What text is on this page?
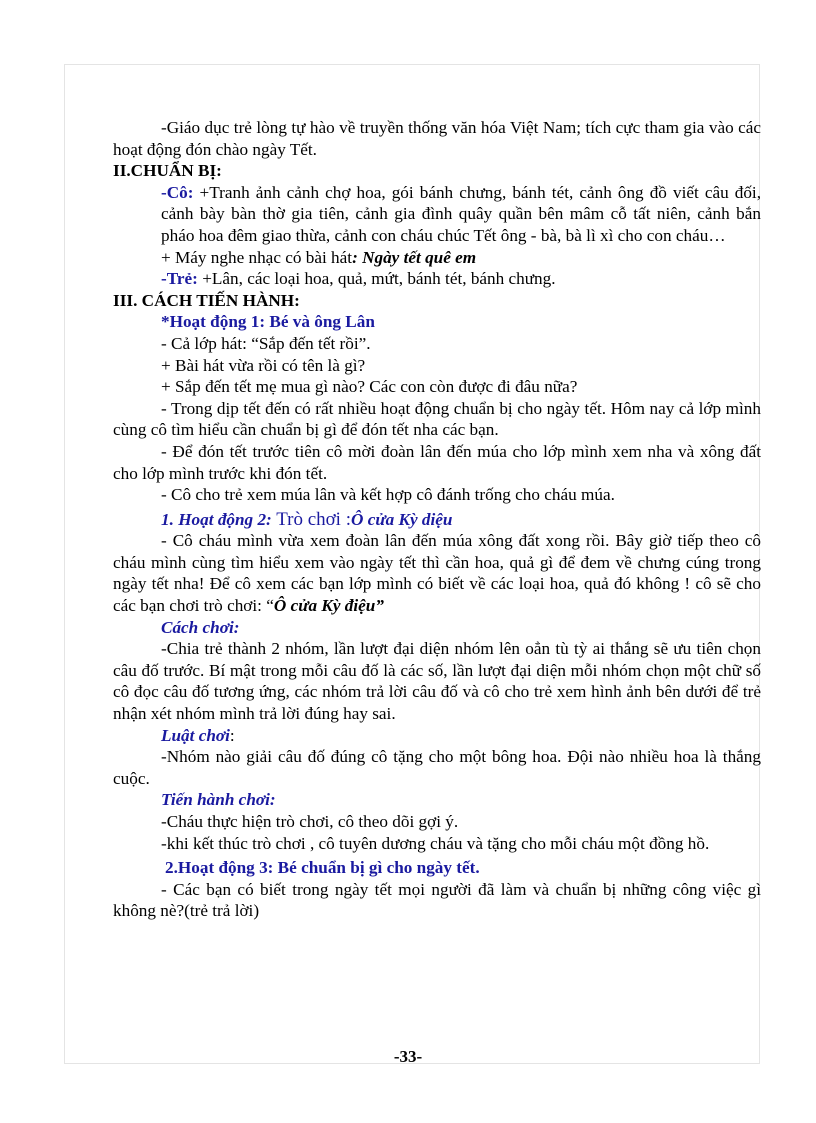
-Giáo dục trẻ lòng tự hào về truyền thống văn hóa Việt Nam; tích cực tham gia vào các hoạt động đón chào ngày Tết.

II.CHUẨN BỊ:

-Cô: +Tranh ảnh cảnh chợ hoa, gói bánh chưng, bánh tét, cảnh ông đồ viết câu đối, cảnh bày bàn thờ gia tiên, cảnh gia đình quây quần bên mâm cỗ tất niên, cảnh bắn pháo hoa đêm giao thừa, cảnh con cháu chúc Tết ông - bà, bà lì xì cho con cháu…

+ Máy nghe nhạc có bài hát: Ngày tết quê em

-Trẻ: +Lân, các loại hoa, quả, mứt, bánh tét, bánh chưng.

III. CÁCH TIẾN HÀNH:

*Hoạt động 1: Bé và ông Lân

- Cả lớp hát: “Sắp đến tết rồi”.

+ Bài hát vừa rồi có tên là gì?

+ Sắp đến tết mẹ mua gì nào? Các con còn được đi đâu nữa?

- Trong dịp tết đến có rất nhiều hoạt động chuẩn bị cho ngày tết. Hôm nay cả lớp mình cùng cô tìm hiểu cần chuẩn bị gì để đón tết nha các bạn.

- Để đón tết trước tiên cô mời đoàn lân đến múa cho lớp mình xem nha và xông đất cho lớp mình trước khi đón tết.

- Cô cho trẻ xem múa lân và kết hợp cô đánh trống cho cháu múa.

1. Hoạt động 2: Trò chơi :Ô cửa Kỳ diệu

- Cô cháu mình vừa xem đoàn lân đến múa xông đất xong rồi. Bây giờ tiếp theo cô cháu mình cùng tìm hiểu xem vào ngày tết thì cần hoa, quả gì để đem về chưng cúng trong ngày tết nha! Để cô xem các bạn lớp mình có biết về các loại hoa, quả đó không ! cô sẽ cho các bạn chơi trò chơi: “Ô cửa Kỳ điệu”

Cách chơi:

-Chia trẻ thành 2 nhóm, lần lượt đại diện nhóm lên oẳn tù tỳ ai thắng sẽ ưu tiên chọn câu đố trước. Bí mật trong mỗi câu đố là các số, lần lượt đại diện mỗi nhóm chọn một chữ số cô đọc câu đố tương ứng, các nhóm trả lời câu đố và cô cho trẻ xem hình ảnh bên dưới để trẻ nhận xét nhóm mình trả lời đúng hay sai.

Luật chơi:

-Nhóm nào giải câu đố đúng cô tặng cho một bông hoa. Đội nào nhiều hoa là thắng cuộc.

Tiến hành chơi:

-Cháu thực hiện trò chơi, cô theo dõi gợi ý.

-khi kết thúc trò chơi , cô tuyên dương cháu và tặng cho mỗi cháu một đồng hồ.

2.Hoạt động 3: Bé chuẩn bị gì cho ngày tết.

- Các bạn có biết trong ngày tết mọi người đã làm và chuẩn bị những công việc gì không nè?(trẻ trả lời)

-33-
